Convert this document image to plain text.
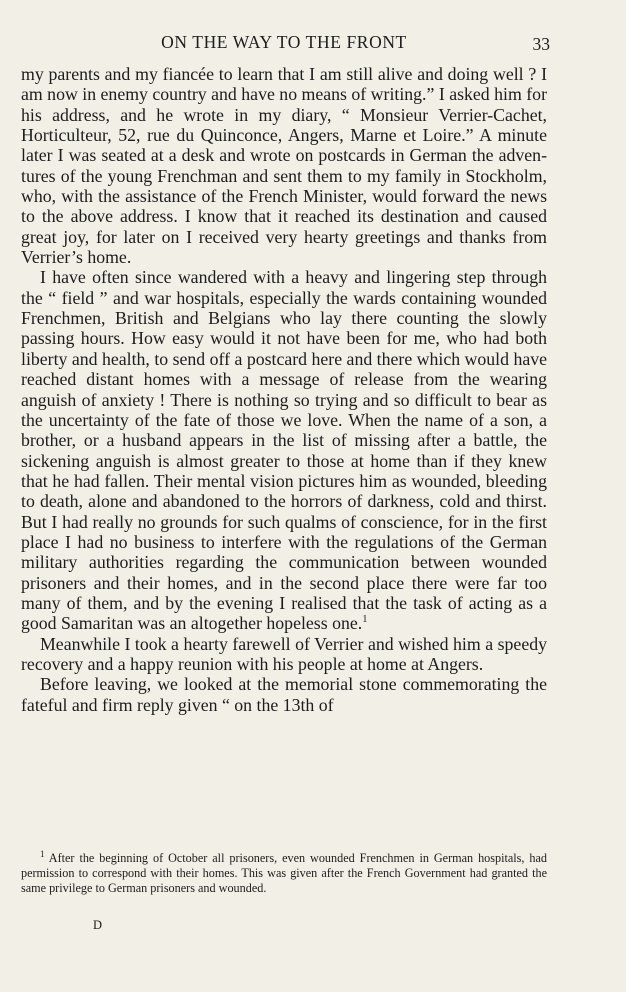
ON THE WAY TO THE FRONT	33

my parents and my fiancée to learn that I am still alive and doing well ? I am now in enemy country and have no means of writing.” I asked him for his address, and he wrote in my diary, “ Monsieur Verrier-Cachet, Horticulteur, 52, rue du Quinconce, Angers, Marne et Loire.” A minute later I was seated at a desk and wrote on postcards in German the adventures of the young Frenchman and sent them to my family in Stockholm, who, with the assistance of the French Minister, would forward the news to the above address. I know that it reached its destination and caused great joy, for later on I received very hearty greetings and thanks from Verrier’s home.

I have often since wandered with a heavy and lingering step through the “ field ” and war hospitals, especially the wards containing wounded Frenchmen, British and Belgians who lay there counting the slowly passing hours. How easy would it not have been for me, who had both liberty and health, to send off a postcard here and there which would have reached distant homes with a message of release from the wearing anguish of anxiety ! There is nothing so trying and so difficult to bear as the uncertainty of the fate of those we love. When the name of a son, a brother, or a husband appears in the list of missing after a battle, the sickening anguish is almost greater to those at home than if they knew that he had fallen. Their mental vision pictures him as wounded, bleeding to death, alone and abandoned to the horrors of darkness, cold and thirst. But I had really no grounds for such qualms of conscience, for in the first place I had no business to interfere with the regulations of the German military authorities regarding the communication between wounded prisoners and their homes, and in the second place there were far too many of them, and by the evening I realised that the task of acting as a good Samaritan was an altogether hopeless one.$^1$

Meanwhile I took a hearty farewell of Verrier and wished him a speedy recovery and a happy reunion with his people at home at Angers.

Before leaving, we looked at the memorial stone commemorating the fateful and firm reply given “ on the 13th of

$^1$ After the beginning of October all prisoners, even wounded Frenchmen in German hospitals, had permission to correspond with their homes. This was given after the French Government had granted the same privilege to German prisoners and wounded.
D
